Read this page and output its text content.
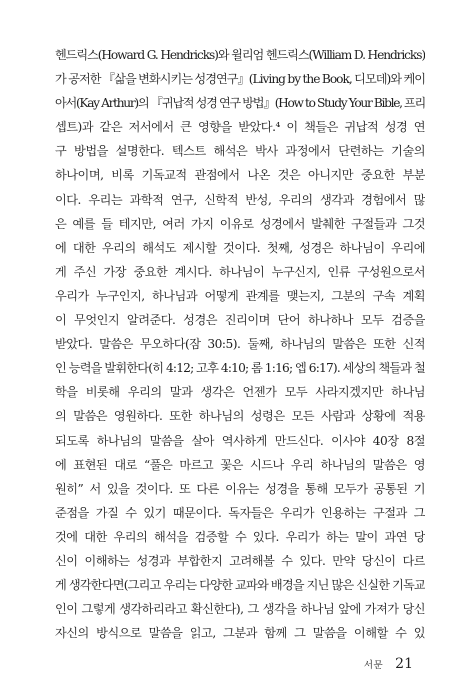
헨드릭스(Howard G. Hendricks)와 윌리엄 헨드릭스(William D. Hendricks)
가 공저한 『삶을 변화시키는 성경연구』(Living by the Book, 디모데)와 케이
아서(Kay Arthur)의 『귀납적 성경 연구 방법』(How to Study Your Bible, 프리
셉트)과 같은 저서에서 큰 영향을 받았다.⁴ 이 책들은 귀납적 성경 연
구 방법을 설명한다. 텍스트 해석은 박사 과정에서 단련하는 기술의
하나이며, 비록 기독교적 관점에서 나온 것은 아니지만 중요한 부분
이다. 우리는 과학적 연구, 신학적 반성, 우리의 생각과 경험에서 많
은 예를 들 테지만, 여러 가지 이유로 성경에서 발췌한 구절들과 그것
에 대한 우리의 해석도 제시할 것이다. 첫째, 성경은 하나님이 우리에
게 주신 가장 중요한 계시다. 하나님이 누구신지, 인류 구성원으로서
우리가 누구인지, 하나님과 어떻게 관계를 맺는지, 그분의 구속 계획
이 무엇인지 알려준다. 성경은 진리이며 단어 하나하나 모두 검증을
받았다. 말씀은 무오하다(잠 30:5). 둘째, 하나님의 말씀은 또한 신적
인 능력을 발휘한다(히 4:12; 고후 4:10; 롬 1:16; 엡 6:17). 세상의 책들과 철
학을 비롯해 우리의 말과 생각은 언젠가 모두 사라지겠지만 하나님
의 말씀은 영원하다. 또한 하나님의 성령은 모든 사람과 상황에 적용
되도록 하나님의 말씀을 살아 역사하게 만드신다. 이사야 40장 8절
에 표현된 대로 “풀은 마르고 꽃은 시드나 우리 하나님의 말씀은 영
원히” 서 있을 것이다. 또 다른 이유는 성경을 통해 모두가 공통된 기
준점을 가질 수 있기 때문이다. 독자들은 우리가 인용하는 구절과 그
것에 대한 우리의 해석을 검증할 수 있다. 우리가 하는 말이 과연 당
신이 이해하는 성경과 부합한지 고려해볼 수 있다. 만약 당신이 다르
게 생각한다면(그리고 우리는 다양한 교파와 배경을 지닌 많은 신실한 기독교
인이 그렇게 생각하리라고 확신한다), 그 생각을 하나님 앞에 가져가 당신
자신의 방식으로 말씀을 읽고, 그분과 함께 그 말씀을 이해할 수 있
서문 21
